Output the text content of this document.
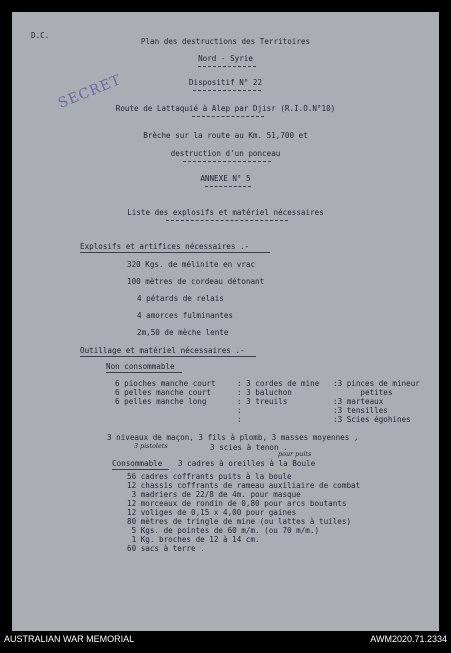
D.C.
Plan des destructions des Territoires
Nord - Syrie
Dispositif N° 22
Route de Lattaquié à Alep par Djisr (R.I.O.N°10)
Brèche sur la route au Km. 51,700 et
destruction d'un ponceau
ANNEXE N° 5
Liste des explosifs et matériel nécessaires
SECRET
Explosifs et artifices nécessaires .-
320 Kgs. de mélinite en vrac
100 mètres de cordeau détonant
4 pétards de relais
4 amorces fulminantes
2m,50 de mèche lente
Outillage et matériel nécessaires .-
Non consommable
6 pioches manche court
6 pelles manche court
6 pelles manche long
: 3 cordes de mine
: 3 baluchon
: 3 treuils
:
:
:3 pinces de mineur
petites
:3 marteaux
:3 tensilles
:3 Scies égohines
3 niveaux de maçon, 3 fils à plomb, 3 masses moyennes ,
3 pistolets	3 scies à tenon .
pour puits
Consommable 3 cadres à oreilles à la Boule
56 cadres coffrants puits à la boule
12 chassis coffrants de rameau auxiliaire de combat
3 madriers de 22/8 de 4m. pour masque
12 morceaux de rondin de 0,80 pour arcs boutants
12 voliges de 0,15 x 4,00 pour gaines
80 mètres de tringle de mine (ou lattes à tuiles)
5 Kgs. de pointes de 60 m/m. (ou 70 m/m.)
1 Kg. broches de 12 à 14 cm.
60 sacs à terre .
AUSTRALIAN WAR MEMORIAL	AWM2020.71.2334
